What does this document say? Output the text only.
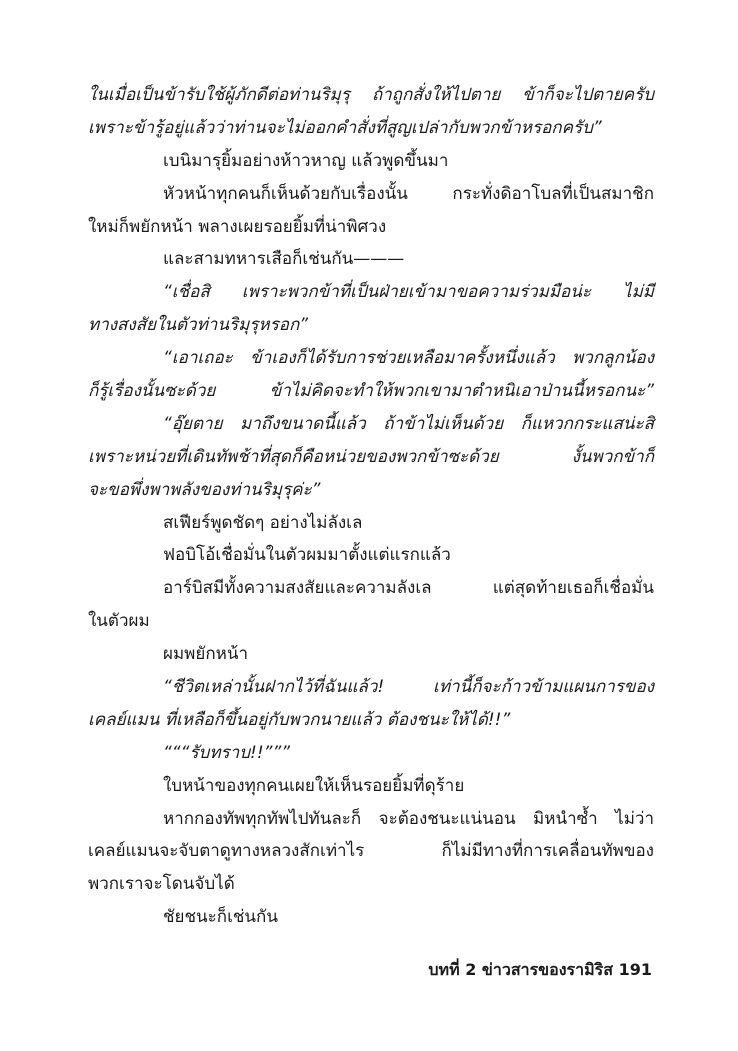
ในเมื่อเป็นข้ารับใช้ผู้ภักดีต่อท่านริมุรุ ถ้าถูกสั่งให้ไปตาย ข้าก็จะไปตายครับ
เพราะข้ารู้อยู่แล้วว่าท่านจะไม่ออกคำสั่งที่สูญเปล่ากับพวกข้าหรอกครับ”
เบนิมารุยิ้มอย่างห้าวหาญ แล้วพูดขึ้นมา
หัวหน้าทุกคนก็เห็นด้วยกับเรื่องนั้น กระทั่งดิอาโบลที่เป็นสมาชิก
ใหม่ก็พยักหน้า พลางเผยรอยยิ้มที่น่าพิศวง
และสามทหารเสือก็เช่นกัน———
“เชื่อสิ เพราะพวกข้าที่เป็นฝ่ายเข้ามาขอความร่วมมือน่ะ ไม่มี
ทางสงสัยในตัวท่านริมุรุหรอก”
“เอาเถอะ ข้าเองก็ได้รับการช่วยเหลือมาครั้งหนึ่งแล้ว พวกลูกน้อง
ก็รู้เรื่องนั้นซะด้วย ข้าไม่คิดจะทำให้พวกเขามาตำหนิเอาป่านนี้หรอกนะ”
“อุ๊ยตาย มาถึงขนาดนี้แล้ว ถ้าข้าไม่เห็นด้วย ก็แหวกกระแสน่ะสิ
เพราะหน่วยที่เดินทัพช้าที่สุดก็คือหน่วยของพวกข้าซะด้วย งั้นพวกข้าก็
จะขอพึ่งพาพลังของท่านริมุรุค่ะ”
สเฟียร์พูดชัดๆ อย่างไม่ลังเล
ฟอบิโอ้เชื่อมั่นในตัวผมมาตั้งแต่แรกแล้ว
อาร์บิสมีทั้งความสงสัยและความลังเล แต่สุดท้ายเธอก็เชื่อมั่น
ในตัวผม
ผมพยักหน้า
“ชีวิตเหล่านั้นฝากไว้ที่ฉันแล้ว! เท่านี้ก็จะก้าวข้ามแผนการของ
เคลย์แมน ที่เหลือก็ขึ้นอยู่กับพวกนายแล้ว ต้องชนะให้ได้!!”
“““รับทราบ!!”””
ใบหน้าของทุกคนเผยให้เห็นรอยยิ้มที่ดุร้าย
หากกองทัพทุกทัพไปทันละก็ จะต้องชนะแน่นอน มิหนำซ้ำ ไม่ว่า
เคลย์แมนจะจับตาดูทางหลวงสักเท่าไร ก็ไม่มีทางที่การเคลื่อนทัพของ
พวกเราจะโดนจับได้
ชัยชนะก็เช่นกัน
บทที่ 2 ข่าวสารของรามิริส 191
